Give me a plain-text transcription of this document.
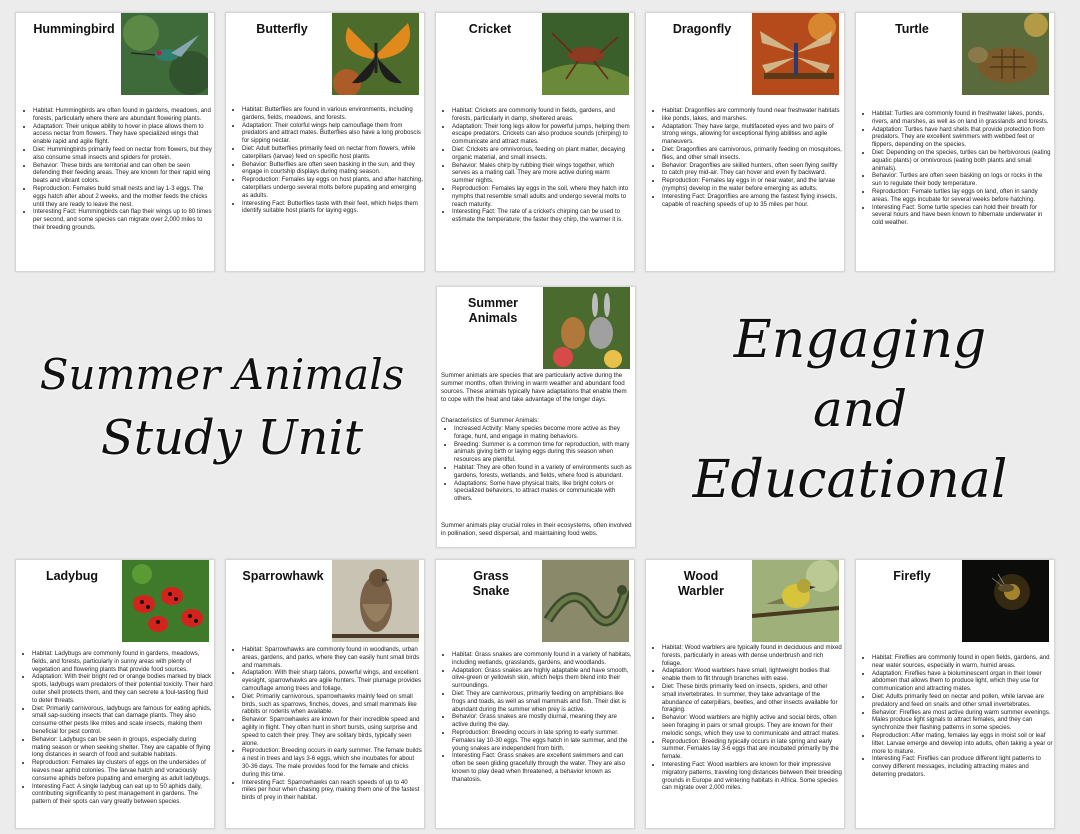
Hummingbird
• Habitat: Hummingbirds are often found in gardens, meadows, and forests, particularly where there are abundant flowering plants.
• Adaptation: Their unique ability to hover in place allows them to access nectar from flowers. They have specialized wings that enable rapid and agile flight.
• Diet: Hummingbirds primarily feed on nectar from flowers, but they also consume small insects and spiders for protein.
• Behavior: These birds are territorial and can often be seen defending their feeding areas. They are known for their rapid wing beats and vibrant colors.
• Reproduction: Females build small nests and lay 1-3 eggs. The eggs hatch after about 2 weeks, and the mother feeds the chicks until they are ready to leave the nest.
• Interesting Fact: Hummingbirds can flap their wings up to 80 times per second, and some species can migrate over 2,000 miles to their breeding grounds.
Butterfly
• Habitat: Butterflies are found in various environments, including gardens, fields, meadows, and forests.
• Adaptation: Their colorful wings help camouflage them from predators and attract mates. Butterflies also have a long proboscis for sipping nectar.
• Diet: Adult butterflies primarily feed on nectar from flowers, while caterpillars (larvae) feed on specific host plants.
• Behavior: Butterflies are often seen basking in the sun, and they engage in courtship displays during mating season.
• Reproduction: Females lay eggs on host plants, and after hatching, caterpillars undergo several molts before pupating and emerging as adults.
• Interesting Fact: Butterflies taste with their feet, which helps them identify suitable host plants for laying eggs.
Cricket
• Habitat: Crickets are commonly found in fields, gardens, and forests, particularly in damp, sheltered areas.
• Adaptation: Their long legs allow for powerful jumps, helping them escape predators. Crickets can also produce sounds (chirping) to communicate and attract mates.
• Diet: Crickets are omnivorous, feeding on plant matter, decaying organic material, and small insects.
• Behavior: Males chirp by rubbing their wings together, which serves as a mating call. They are more active during warm summer nights.
• Reproduction: Females lay eggs in the soil, where they hatch into nymphs that resemble small adults and undergo several molts to reach maturity.
• Interesting Fact: The rate of a cricket's chirping can be used to estimate the temperature; the faster they chirp, the warmer it is.
Dragonfly
• Habitat: Dragonflies are commonly found near freshwater habitats like ponds, lakes, and marshes.
• Adaptation: They have large, multifaceted eyes and two pairs of strong wings, allowing for exceptional flying abilities and agile maneuvers.
• Diet: Dragonflies are carnivorous, primarily feeding on mosquitoes, flies, and other small insects.
• Behavior: Dragonflies are skilled hunters, often seen flying swiftly to catch prey mid-air. They can hover and even fly backward.
• Reproduction: Females lay eggs in or near water, and the larvae (nymphs) develop in the water before emerging as adults.
• Interesting Fact: Dragonflies are among the fastest flying insects, capable of reaching speeds of up to 35 miles per hour.
Turtle
• Habitat: Turtles are commonly found in freshwater lakes, ponds, rivers, and marshes, as well as on land in grasslands and forests.
• Adaptation: Turtles have hard shells that provide protection from predators. They are excellent swimmers with webbed feet or flippers, depending on the species.
• Diet: Depending on the species, turtles can be herbivorous (eating aquatic plants) or omnivorous (eating both plants and small animals).
• Behavior: Turtles are often seen basking on logs or rocks in the sun to regulate their body temperature.
• Reproduction: Female turtles lay eggs on land, often in sandy areas. The eggs incubate for several weeks before hatching.
• Interesting Fact: Some turtle species can hold their breath for several hours and have been known to hibernate underwater in cold weather.
Summer
Animals
Summer animals are species that are particularly active during the summer months, often thriving in warm weather and abundant food sources. These animals typically have adaptations that enable them to cope with the heat and take advantage of the longer days.
Characteristics of Summer Animals:
• Increased Activity: Many species become more active as they forage, hunt, and engage in mating behaviors.
• Breeding: Summer is a common time for reproduction, with many animals giving birth or laying eggs during this season when resources are plentiful.
• Habitat: They are often found in a variety of environments such as gardens, forests, wetlands, and fields, where food is abundant.
• Adaptations: Some have physical traits, like bright colors or specialized behaviors, to attract mates or communicate with others.
Summer animals play crucial roles in their ecosystems, often involved in pollination, seed dispersal, and maintaining food webs.
Summer Animals
Study Unit
Engaging
and
Educational
Ladybug
• Habitat: Ladybugs are commonly found in gardens, meadows, fields, and forests, particularly in sunny areas with plenty of vegetation and flowering plants that provide food sources.
• Adaptation: With their bright red or orange bodies marked by black spots, ladybugs warn predators of their potential toxicity. Their hard outer shell protects them, and they can secrete a foul-tasting fluid to deter threats.
• Diet: Primarily carnivorous, ladybugs are famous for eating aphids, small sap-sucking insects that can damage plants. They also consume other pests like mites and scale insects, making them beneficial for pest control.
• Behavior: Ladybugs can be seen in groups, especially during mating season or when seeking shelter. They are capable of flying long distances in search of food and suitable habitats.
• Reproduction: Females lay clusters of eggs on the undersides of leaves near aphid colonies. The larvae hatch and voraciously consume aphids before pupating and emerging as adult ladybugs.
• Interesting Fact: A single ladybug can eat up to 50 aphids daily, contributing significantly to pest management in gardens. The pattern of their spots can vary greatly between species.
Sparrowhawk
• Habitat: Sparrowhawks are commonly found in woodlands, urban areas, gardens, and parks, where they can easily hunt small birds and mammals.
• Adaptation: With their sharp talons, powerful wings, and excellent eyesight, sparrowhawks are agile hunters. Their plumage provides camouflage among trees and foliage.
• Diet: Primarily carnivorous, sparrowhawks mainly feed on small birds, such as sparrows, finches, doves, and small mammals like rabbits or rodents when available.
• Behavior: Sparrowhawks are known for their incredible speed and agility in flight. They often hunt in short bursts, using surprise and speed to catch their prey. They are solitary birds, typically seen alone.
• Reproduction: Breeding occurs in early summer. The female builds a nest in trees and lays 3-6 eggs, which she incubates for about 30-36 days. The male provides food for the female and chicks during this time.
• Interesting Fact: Sparrowhawks can reach speeds of up to 40 miles per hour when chasing prey, making them one of the fastest birds of prey in their habitat.
Grass
Snake
• Habitat: Grass snakes are commonly found in a variety of habitats, including wetlands, grasslands, gardens, and woodlands.
• Adaptation: Grass snakes are highly adaptable and have smooth, olive-green or yellowish skin, which helps them blend into their surroundings.
• Diet: They are carnivorous, primarily feeding on amphibians like frogs and toads, as well as small mammals and fish. Their diet is abundant during the summer when prey is active.
• Behavior: Grass snakes are mostly diurnal, meaning they are active during the day.
• Reproduction: Breeding occurs in late spring to early summer. Females lay 10-30 eggs. The eggs hatch in late summer, and the young snakes are independent from birth.
• Interesting Fact: Grass snakes are excellent swimmers and can often be seen gliding gracefully through the water. They are also known to play dead when threatened, a behavior known as thanatosis.
Wood
Warbler
• Habitat: Wood warblers are typically found in deciduous and mixed forests, particularly in areas with dense underbrush and rich foliage.
• Adaptation: Wood warblers have small, lightweight bodies that enable them to flit through branches with ease.
• Diet: These birds primarily feed on insects, spiders, and other small invertebrates. In summer, they take advantage of the abundance of caterpillars, beetles, and other insects available for foraging.
• Behavior: Wood warblers are highly active and social birds, often seen foraging in pairs or small groups. They are known for their melodic songs, which they use to communicate and attract mates.
• Reproduction: Breeding typically occurs in late spring and early summer. Females lay 3-6 eggs that are incubated primarily by the female.
• Interesting Fact: Wood warblers are known for their impressive migratory patterns, traveling long distances between their breeding grounds in Europe and wintering habitats in Africa. Some species can migrate over 2,000 miles.
Firefly
• Habitat: Fireflies are commonly found in open fields, gardens, and near water sources, especially in warm, humid areas.
• Adaptation: Fireflies have a bioluminescent organ in their lower abdomen that allows them to produce light, which they use for communication and attracting mates.
• Diet: Adults primarily feed on nectar and pollen, while larvae are predatory and feed on snails and other small invertebrates.
• Behavior: Fireflies are most active during warm summer evenings. Males produce light signals to attract females, and they can synchronize their flashing patterns in some species.
• Reproduction: After mating, females lay eggs in moist soil or leaf litter. Larvae emerge and develop into adults, often taking a year or more to mature.
• Interesting Fact: Fireflies can produce different light patterns to convey different messages, including attracting mates and deterring predators.
